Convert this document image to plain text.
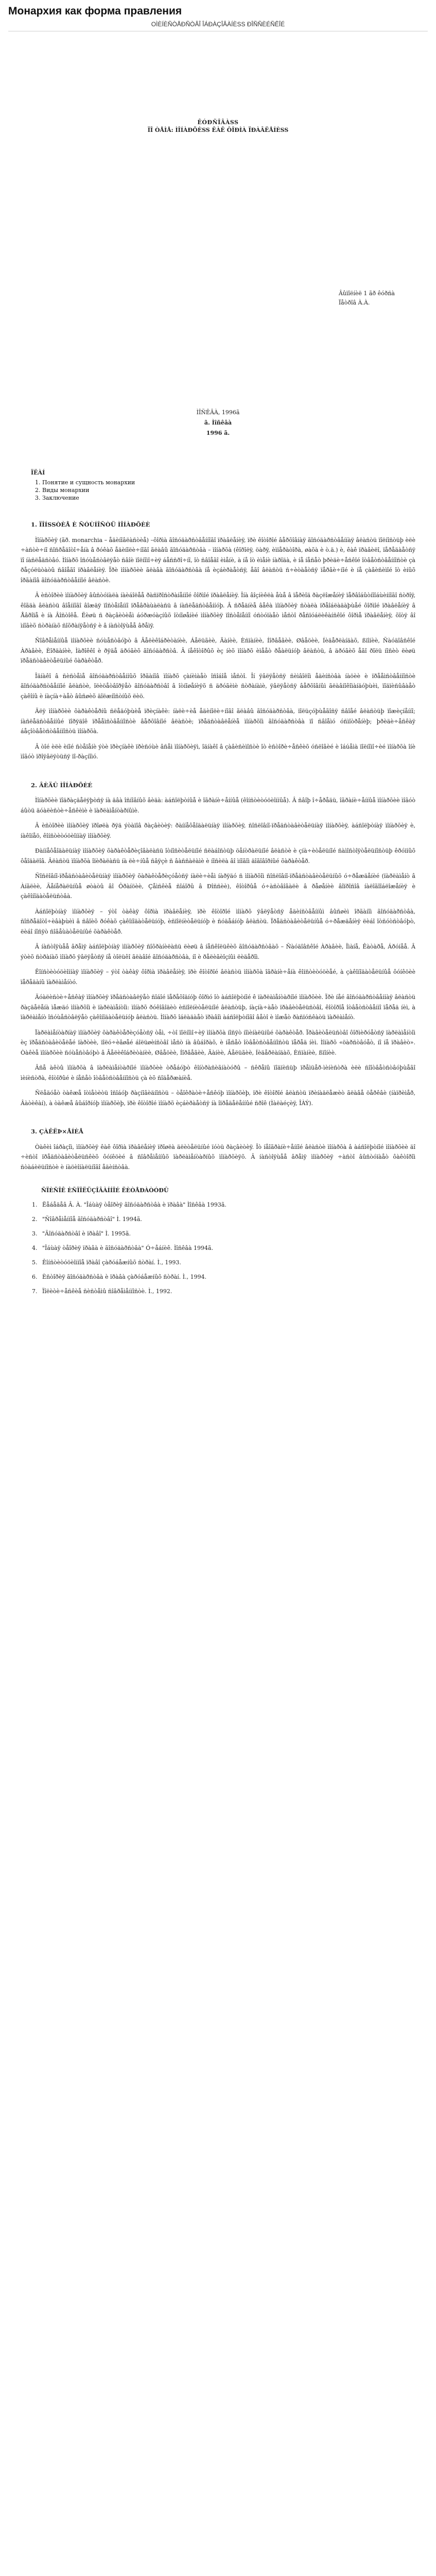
Монархия как форма правления
ОÌÈÍÈÑÒÅÐÑÒÂÎ ÎÁÐÀÇÎÂÀÍÈSS ÐÎÑÑÈÉÑÊÎÉ
ÊÓÐÑÎÂÀSS
ÏÎ ÒÅÌÅ: ÌÎÍÀÐÕÈSS ÊÀÊ ÔÎÐÌÀ ÏÐÀÂËÅÍÈSS
Âûïîëíèë 1 ãð êóðñà
Ïåòðîâ À.À.
ÌÎÑÊÂÀ, 1996ã
ã. Ìîñêâà
1996 ã.
ÏËÀÍ
1. Понятие и сущность монархии
2. Виды монархии
3. Заключение
1. ÏÎÍSSÒÈÅ È ÑÓÙÍÎÑÒÜ ÌÎÍÀÐÕÈÈ

Ìîíàðõèÿ (ãð. monarchia – åäèíîâëàñòèå) –ôîðìà ãîñóäàðñòâåííîãî ïðàâëåíèÿ, ïðè êîòîðîé âåðõîâíàÿ ãîñóäàðñòâåííàÿ âëàñòü ïîëíîñòüþ èëè ÷àñòè÷íî ñîñðåäîòî÷åíà â ðóêàõ åäèíîëè÷íîãî ãëàâû ãîñóäàðñòâà – ìîíàðõà (êîðîëÿ, öàðÿ, èìïåðàòîðà, øàõà è ò.ä.) è, êàê ïðàâèëî, ïåðåäàåòñÿ ïî íàñëåäñòâó. Ìîíàðõ îñóùåñòâëÿåò ñâîè ïîëíîìî÷èÿ áåññðî÷íî, îò ñâîåãî èìåíè, à íå îò èìåíè íàðîäà, è íå íåñåò þðèäè÷åñêîé îòâåòñòâåííîñòè çà ðåçóëüòàòû ñâîåãî ïðàâëåíèÿ. Ïðè ìîíàðõèè ãëàâà ãîñóäàðñòâà íå èçáèðàåòñÿ, åãî âëàñòü ñ÷èòàåòñÿ ïåðâè÷íîé è íå çàâèñèìîé îò èíûõ îðãàíîâ ãîñóäàðñòâåííîé âëàñòè.

Â èñòîðèè ìîíàðõèÿ âûñòóïàëà íàèáîëåå ðàñïðîñòðàíåííîé ôîðìîé ïðàâëåíèÿ. Îíà âîçíèêëà åùå â ïåðèîä ðàçëîæåíèÿ ïåðâîáûòíîîáùèííîãî ñòðîÿ, êîãäà âëàñòü âîåííîãî âîæäÿ ïîñòåïåííî ïðåâðàùàëàñü â íàñëåäñòâåííóþ. Â ñðåäíèå âåêà ìîíàðõèÿ ñòàëà ïðåîáëàäàþùåé ôîðìîé ïðàâëåíèÿ â Åâðîïå è íà Âîñòîêå. Ëèøü ñ ðàçâèòèåì áóðæóàçíûõ îòíîøåíèé ìîíàðõèÿ ïîñòåïåííî óñòóïàåò ìåñòî ðåñïóáëèêàíñêîé ôîðìå ïðàâëåíèÿ, õîòÿ âî ìíîãèõ ñòðàíàõ ñîõðàíÿåòñÿ è â íàñòîÿùåå âðåìÿ.

Ñîâðåìåííûå ìîíàðõèè ñóùåñòâóþò â Âåëèêîáðèòàíèè, Áåëüãèè, Äàíèè, Èñïàíèè, Íîðâåãèè, Øâåöèè, Íèäåðëàíäàõ, ßïîíèè, Ñàóäîâñêîé Àðàâèè, Èîðäàíèè, Ìàðîêêî è ðÿäå äðóãèõ ãîñóäàðñòâ. Â íåêîòîðûõ èç íèõ ìîíàðõ èìååò ðåàëüíóþ âëàñòü, â äðóãèõ åãî ðîëü íîñèò ëèøü ïðåäñòàâèòåëüíûé õàðàêòåð.

Îäíàêî â ñèñòåìå ãîñóäàðñòâåííûõ îðãàíîâ ìîíàðõ çàíèìàåò îñîáîå ìåñòî. Îí ÿâëÿåòñÿ ñèìâîëîì åäèíñòâà íàöèè è ïðååìñòâåííîñòè ãîñóäàðñòâåííîé âëàñòè, îëèöåòâîðÿåò ãîñóäàðñòâî â îòíîøåíèÿõ ñ äðóãèìè ñòðàíàìè, ÿâëÿåòñÿ âåðõîâíûì ãëàâíîêîìàíäóþùèì, ïîäïèñûâàåò çàêîíû è íàçíà÷àåò âûñøèõ äîëæíîñòíûõ ëèö.

Äëÿ ìîíàðõèè õàðàêòåðíû ñëåäóþùèå ïðèçíàêè: íàëè÷èå åäèíîëè÷íîãî ãëàâû ãîñóäàðñòâà, ïîëüçóþùåãîñÿ ñâîåé âëàñòüþ ïîæèçíåííî; íàñëåäñòâåííûé ïîðÿäîê ïðååìñòâåííîñòè âåðõîâíîé âëàñòè; ïðåäñòàâëåíèå ìîíàðõîì ãîñóäàðñòâà ïî ñâîåìó óñìîòðåíèþ; þðèäè÷åñêàÿ áåçîòâåòñòâåííîñòü ìîíàðõà.

Â òîé èëè èíîé ñòåïåíè ýòè ïðèçíàêè ïðèñóùè âñåì ìîíàðõèÿì, îäíàêî â çàâèñèìîñòè îò èñòîðè÷åñêèõ óñëîâèé è îáúåìà ïîëíîìî÷èé ìîíàðõà îíè ìîãóò ïðîÿâëÿòüñÿ ïî-ðàçíîìó.

2. ÂÈÄÛ ÌÎÍÀÐÕÈÉ

Ìîíàðõèè ïîäðàçäåëÿþòñÿ íà äâà îñíîâíûõ âèäà: àáñîëþòíûå è îãðàíè÷åííûå (êîíñòèòóöèîííûå). Â ñâîþ î÷åðåäü, îãðàíè÷åííûå ìîíàðõèè ìîãóò áûòü äóàëèñòè÷åñêèìè è ïàðëàìåíòàðíûìè.

Â èñòîðèè ìîíàðõèÿ ïðîøëà ðÿä ýòàïîâ ðàçâèòèÿ: ðàííåôåîäàëüíàÿ ìîíàðõèÿ, ñîñëîâíî-ïðåäñòàâèòåëüíàÿ ìîíàðõèÿ, àáñîëþòíàÿ ìîíàðõèÿ è, íàêîíåö, êîíñòèòóöèîííàÿ ìîíàðõèÿ.

Ðàííåôåîäàëüíàÿ ìîíàðõèÿ õàðàêòåðèçîâàëàñü îòíîñèòåëüíîé ñëàáîñòüþ öåíòðàëüíîé âëàñòè è çíà÷èòåëüíîé ñàìîñòîÿòåëüíîñòüþ êðóïíûõ ôåîäàëîâ. Âëàñòü ìîíàðõà îïèðàëàñü íà ëè÷íûå ñâÿçè ñ âàññàëàìè è íîñèëà âî ìíîãîì äîãîâîðíûé õàðàêòåð.

Ñîñëîâíî-ïðåäñòàâèòåëüíàÿ ìîíàðõèÿ õàðàêòåðèçóåòñÿ íàëè÷èåì íàðÿäó ñ ìîíàðõîì ñîñëîâíî-ïðåäñòàâèòåëüíûõ ó÷ðåæäåíèé (ïàðëàìåíò â Àíãëèè, Ãåíåðàëüíûå øòàòû âî Ôðàíöèè, Çåìñêèå ñîáîðû â Ðîññèè), êîòîðûå ó÷àñòâîâàëè â ðåøåíèè âîïðîñîâ íàëîãîîáëîæåíèÿ è çàêîíîäàòåëüñòâà.

Àáñîëþòíàÿ ìîíàðõèÿ – ýòî òàêàÿ ôîðìà ïðàâëåíèÿ, ïðè êîòîðîé ìîíàðõ ÿâëÿåòñÿ åäèíñòâåííûì âûñøèì îðãàíîì ãîñóäàðñòâà, ñîñðåäîòî÷èâàþùèì â ñâîèõ ðóêàõ çàêîíîäàòåëüíóþ, èñïîëíèòåëüíóþ è ñóäåáíóþ âëàñòü. Ïðåäñòàâèòåëüíûå ó÷ðåæäåíèÿ ëèáî îòñóòñòâóþò, ëèáî íîñÿò ñîâåùàòåëüíûé õàðàêòåð.

Â íàñòîÿùåå âðåìÿ àáñîëþòíàÿ ìîíàðõèÿ ñîõðàíèëàñü ëèøü â íåñêîëüêèõ ãîñóäàðñòâàõ – Ñàóäîâñêîé Àðàâèè, Îìàíå, Êàòàðå, Áðóíåå. Â ýòèõ ñòðàíàõ ìîíàðõ ÿâëÿåòñÿ íå òîëüêî ãëàâîé ãîñóäàðñòâà, íî è ðåëèãèîçíûì ëèäåðîì.

Êîíñòèòóöèîííàÿ ìîíàðõèÿ – ýòî òàêàÿ ôîðìà ïðàâëåíèÿ, ïðè êîòîðîé âëàñòü ìîíàðõà îãðàíè÷åíà êîíñòèòóöèåé, à çàêîíîäàòåëüíûå ôóíêöèè ïåðåäàíû ïàðëàìåíòó.

Äóàëèñòè÷åñêàÿ ìîíàðõèÿ ïðåäñòàâëÿåò ñîáîé ïåðåõîäíóþ ôîðìó îò àáñîëþòíîé ê ïàðëàìåíòàðíîé ìîíàðõèè. Ïðè íåé ãîñóäàðñòâåííàÿ âëàñòü ðàçäåëåíà ìåæäó ìîíàðõîì è ïàðëàìåíòîì: ìîíàðõ ðóêîâîäèò èñïîëíèòåëüíîé âëàñòüþ, íàçíà÷àåò ïðàâèòåëüñòâî, êîòîðîå îòâåòñòâåííî ïåðåä íèì, à ïàðëàìåíò îñóùåñòâëÿåò çàêîíîäàòåëüíóþ âëàñòü. Ìîíàðõ îáëàäàåò ïðàâîì àáñîëþòíîãî âåòî è ìîæåò ðàñïóñêàòü ïàðëàìåíò.

Ïàðëàìåíòàðíàÿ ìîíàðõèÿ õàðàêòåðèçóåòñÿ òåì, ÷òî ïîëíîìî÷èÿ ìîíàðõà íîñÿò íîìèíàëüíûé õàðàêòåð. Ïðàâèòåëüñòâî ôîðìèðóåòñÿ ïàðëàìåíòîì èç ïðåäñòàâèòåëåé ïàðòèè, ïîëó÷èâøåé áîëüøèíñòâî ìåñò íà âûáîðàõ, è íåñåò îòâåòñòâåííîñòü ïåðåä íèì. Ìîíàðõ «öàðñòâóåò, íî íå ïðàâèò». Òàêèå ìîíàðõèè ñóùåñòâóþò â Âåëèêîáðèòàíèè, Øâåöèè, Íîðâåãèè, Äàíèè, Áåëüãèè, Íèäåðëàíäàõ, Èñïàíèè, ßïîíèè.

Âñå àêòû ìîíàðõà â ïàðëàìåíòàðíîé ìîíàðõèè òðåáóþò êîíòðàñèãíàòóðû – ñêðåïû ïîäïèñüþ ïðåìüåð-ìèíèñòðà èëè ñîîòâåòñòâóþùåãî ìèíèñòðà, êîòîðûé è íåñåò îòâåòñòâåííîñòü çà èõ ñîäåðæàíèå.

Ñëåäóåò òàêæå îòìåòèòü îñîáóþ ðàçíîâèäíîñòü – òåîêðàòè÷åñêóþ ìîíàðõèþ, ïðè êîòîðîé âëàñòü ïðèíàäëåæèò ãëàâå öåðêâè (íàïðèìåð, Âàòèêàí), à òàêæå âûáîðíóþ ìîíàðõèþ, ïðè êîòîðîé ìîíàðõ èçáèðàåòñÿ íà îïðåäåëåííûé ñðîê (Ìàëàéçèÿ, ÎÀÝ).

3. ÇÀÊËÞ×ÅÍÈÅ

Òàêèì îáðàçîì, ìîíàðõèÿ êàê ôîðìà ïðàâëåíèÿ ïðîøëà äëèòåëüíûé ïóòü ðàçâèòèÿ. Îò íåîãðàíè÷åííîé âëàñòè ìîíàðõà â àáñîëþòíîé ìîíàðõèè äî ÷èñòî ïðåäñòàâèòåëüñêèõ ôóíêöèé â ñîâðåìåííûõ ïàðëàìåíòàðíûõ ìîíàðõèÿõ. Â íàñòîÿùåå âðåìÿ ìîíàðõèÿ ÷àñòî âûñòóïàåò ôàêòîðîì ñòàáèëüíîñòè è íàöèîíàëüíîãî åäèíñòâà.

ÑÏÈÑÎÊ ÈÑÏÎËÜÇÎÂÀÍÍÎÉ ËÈÒÅÐÀÒÓÐÛ
1. Ëåáåäåâ Â. À. "Îáùàÿ òåîðèÿ ãîñóäàðñòâà è ïðàâà" Ìîñêâà 1993ã.
2. "Ñîâðåìåííîå ãîñóäàðñòâî" Ì. 1994ã.
3. "Ãîñóäàðñòâî è ïðàâî" Ì. 1995ã.
4. "Îáùàÿ òåîðèÿ ïðàâà è ãîñóäàðñòâà" Ó÷åáíèê. Ìîñêâà 1994ã.
5. Êîíñòèòóöèîííîå ïðàâî çàðóáåæíûõ ñòðàí. Ì., 1993.
6. Èñòîðèÿ ãîñóäàðñòâà è ïðàâà çàðóáåæíûõ ñòðàí. Ì., 1994.
7. Ïîëèòè÷åñêèå ñèñòåìû ñîâðåìåííîñòè. Ì., 1992.
